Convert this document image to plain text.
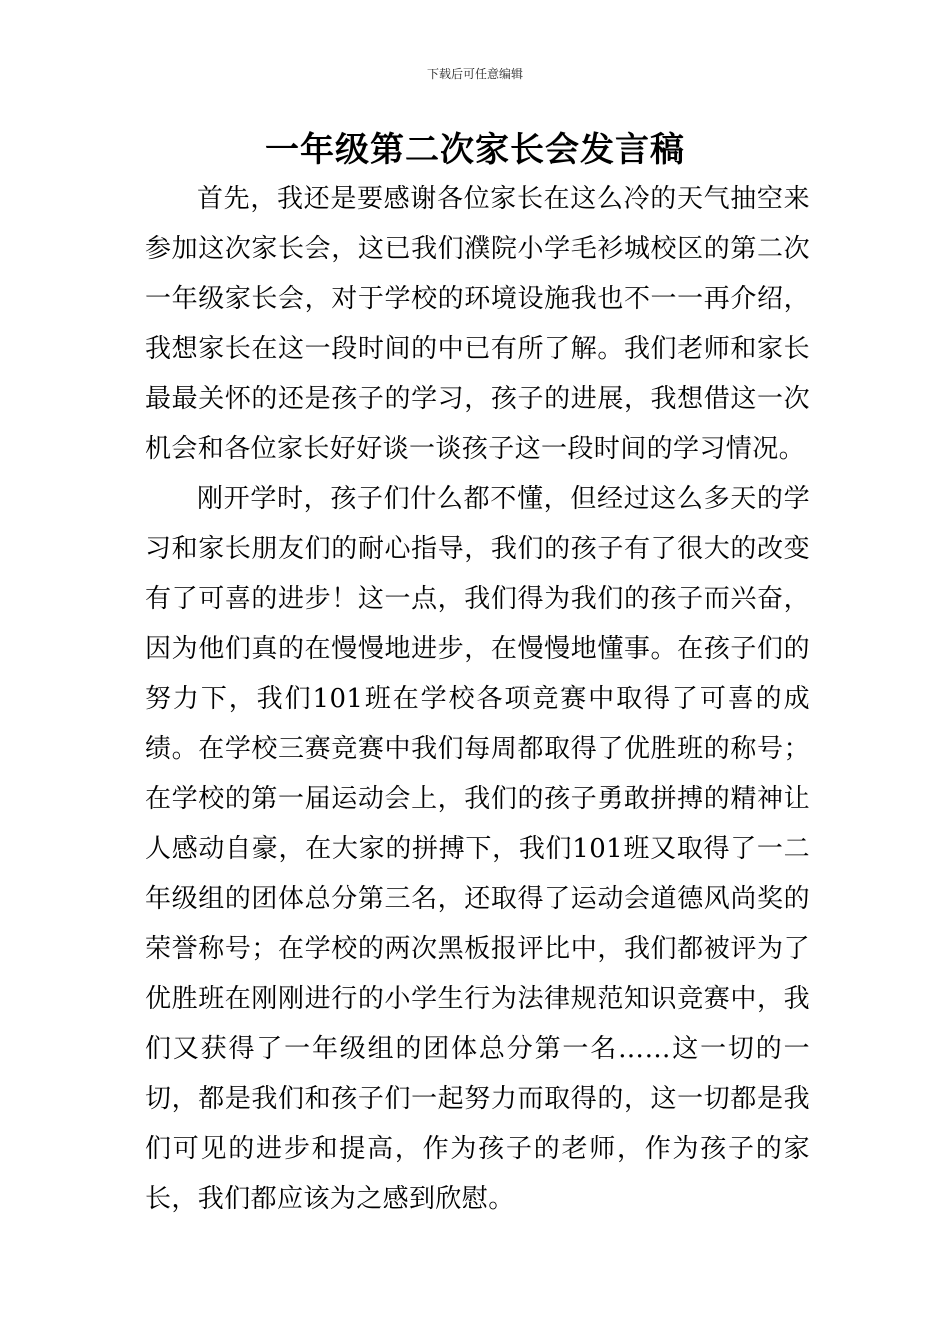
下载后可任意编辑
一年级第二次家长会发言稿

首先，我还是要感谢各位家长在这么冷的天气抽空来参加这次家长会，这已我们濮院小学毛衫城校区的第二次一年级家长会，对于学校的环境设施我也不一一再介绍，我想家长在这一段时间的中已有所了解。我们老师和家长最最关怀的还是孩子的学习，孩子的进展，我想借这一次机会和各位家长好好谈一谈孩子这一段时间的学习情况。

刚开学时，孩子们什么都不懂，但经过这么多天的学习和家长朋友们的耐心指导，我们的孩子有了很大的改变有了可喜的进步！这一点，我们得为我们的孩子而兴奋，因为他们真的在慢慢地进步，在慢慢地懂事。在孩子们的努力下，我们101班在学校各项竞赛中取得了可喜的成绩。在学校三赛竞赛中我们每周都取得了优胜班的称号；在学校的第一届运动会上，我们的孩子勇敢拼搏的精神让人感动自豪，在大家的拼搏下，我们101班又取得了一二年级组的团体总分第三名，还取得了运动会道德风尚奖的荣誉称号；在学校的两次黑板报评比中，我们都被评为了优胜班在刚刚进行的小学生行为法律规范知识竞赛中，我们又获得了一年级组的团体总分第一名……这一切的一切，都是我们和孩子们一起努力而取得的，这一切都是我们可见的进步和提高，作为孩子的老师，作为孩子的家长，我们都应该为之感到欣慰。
